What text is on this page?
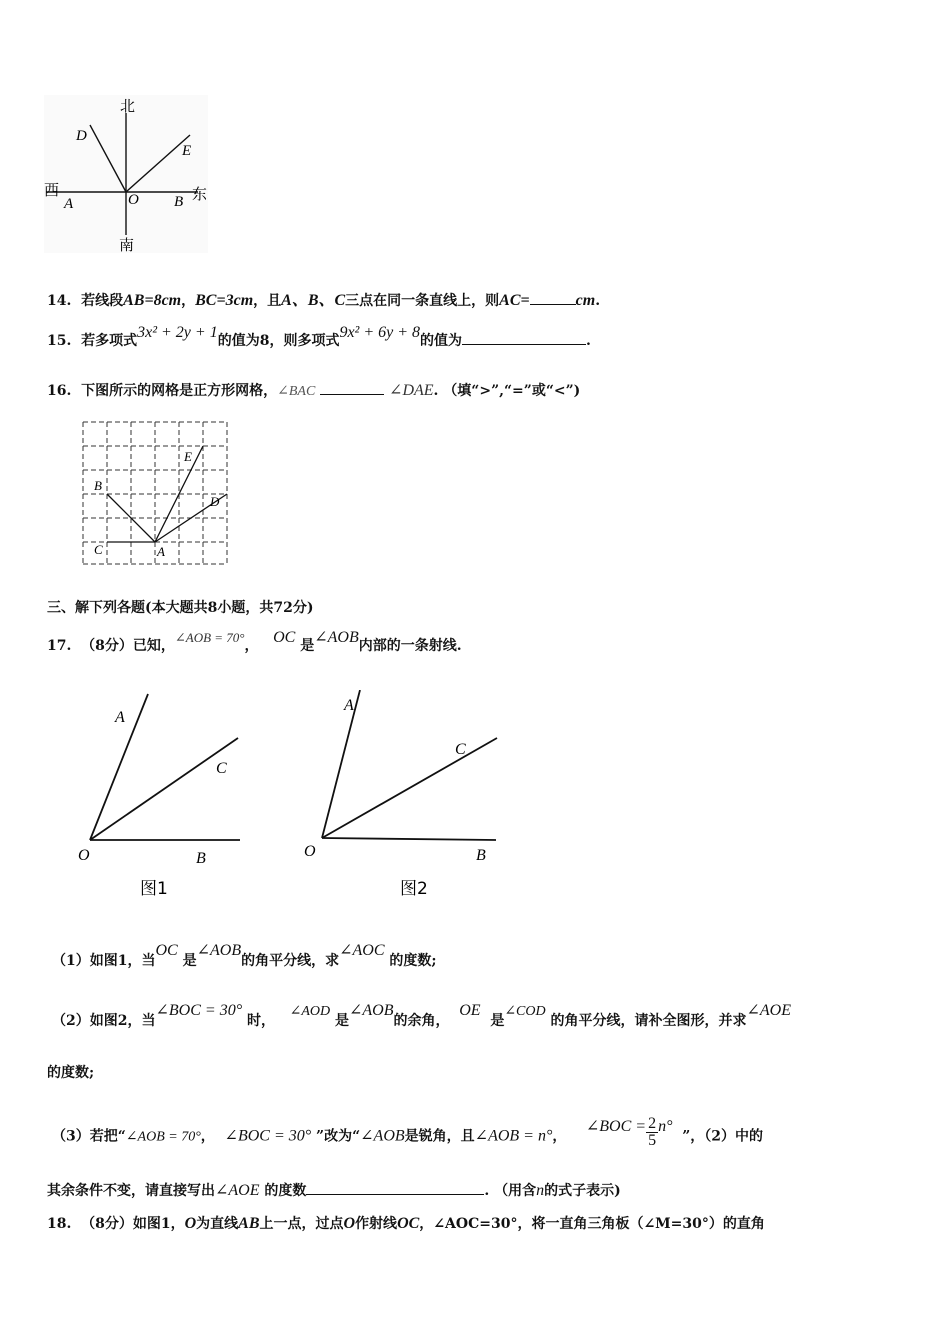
北
南
西	东
A	O B
D
E
14. 若线段AB=8cm，BC=3cm，且A、B、C三点在同一条直线上，则AC=	cm.
15. 若多项式3x² + 2y + 1的值为8，则多项式9x² + 6y + 8的值为	.
16. 下图所示的网格是正方形网格，∠BAC	∠DAE. （填“>”,“=”或“<”)
E
B
D
C	A
三、解下列各题(本大题共8小题，共72分)
17. （8分）已知，∠AOB = 70°， OC 是∠AOB内部的一条射线.
A
C
O	B
图1
A
C
O	B
图2
（1）如图1，当OC 是∠AOB的角平分线，求∠AOC 的度数;
（2）如图2，当∠BOC = 30° 时，   ∠AOD 是∠AOB的余角，  OE  是∠COD 的角平分线，请补全图形，并求∠AOE
的度数;
（3）若把“∠AOB = 70°， ∠BOC = 30° ”改为“∠AOB是锐角，且∠AOB = n°，    ∠BOC = $\frac{2}{5} n^\circ$  ”，（2）中的
其余条件不变，请直接写出∠AOE 的度数	. （用含n的式子表示)
18. （8分）如图1，O为直线AB上一点，过点O作射线OC，∠AOC=30°，将一直角三角板（∠M=30°）的直角
